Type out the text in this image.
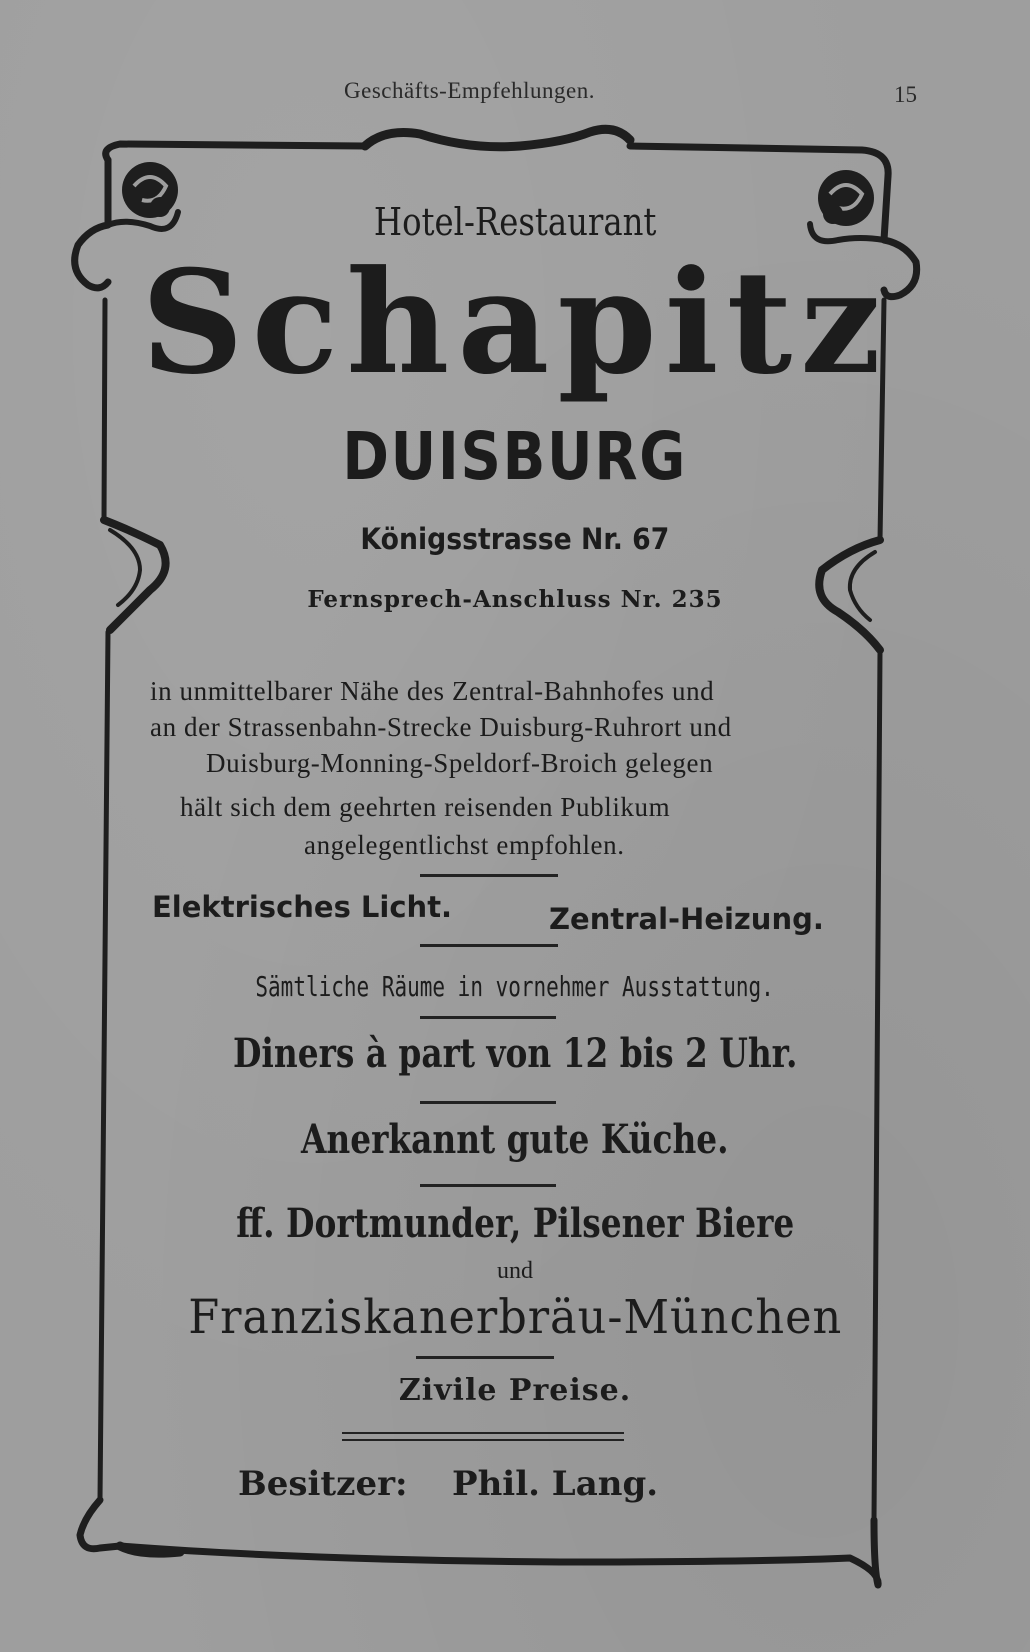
Geschäfts-Empfehlungen.	15
Hotel-Restaurant
Schapitz
DUISBURG
Königsstrasse Nr. 67
Fernsprech-Anschluss Nr. 235
in unmittelbarer Nähe des Zentral-Bahnhofes und
an der Strassenbahn-Strecke Duisburg-Ruhrort und
Duisburg-Monning-Speldorf-Broich gelegen
hält sich dem geehrten reisenden Publikum
angelegentlichst empfohlen.
Elektrisches Licht.	Zentral-Heizung.
Sämtliche Räume in vornehmer Ausstattung.
Diners à part von 12 bis 2 Uhr.
Anerkannt gute Küche.
ff. Dortmunder, Pilsener Biere
und
Franziskanerbräu-München
Zivile Preise.
Besitzer: Phil. Lang.
